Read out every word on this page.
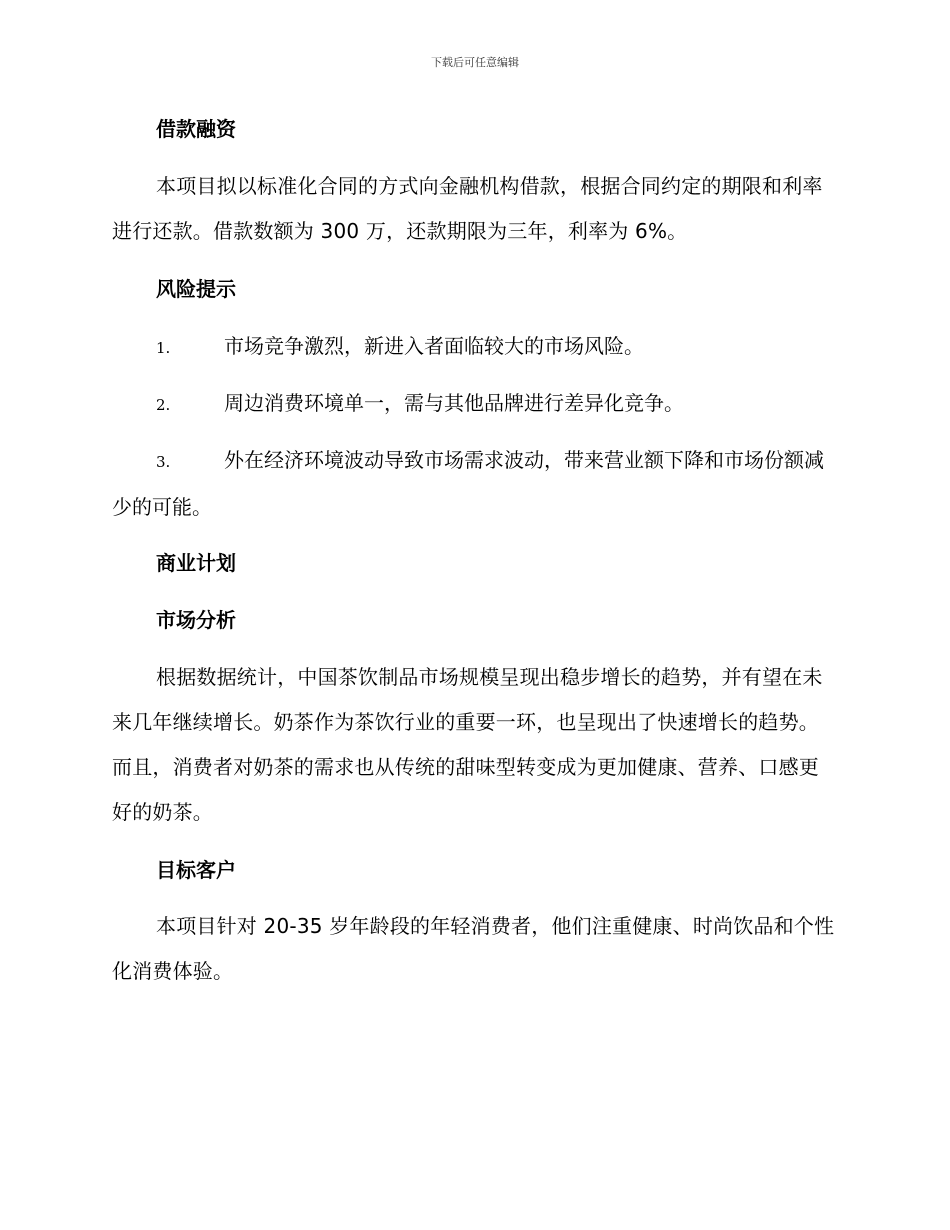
下载后可任意编辑
借款融资
本项目拟以标准化合同的方式向金融机构借款，根据合同约定的期限和利率进行还款。借款数额为 300 万，还款期限为三年，利率为 6%。
风险提示
1.	市场竞争激烈，新进入者面临较大的市场风险。
2.	周边消费环境单一，需与其他品牌进行差异化竞争。
3.	外在经济环境波动导致市场需求波动，带来营业额下降和市场份额减少的可能。
商业计划
市场分析
根据数据统计，中国茶饮制品市场规模呈现出稳步增长的趋势，并有望在未来几年继续增长。奶茶作为茶饮行业的重要一环，也呈现出了快速增长的趋势。而且，消费者对奶茶的需求也从传统的甜味型转变成为更加健康、营养、口感更好的奶茶。
目标客户
本项目针对 20-35 岁年龄段的年轻消费者，他们注重健康、时尚饮品和个性化消费体验。
